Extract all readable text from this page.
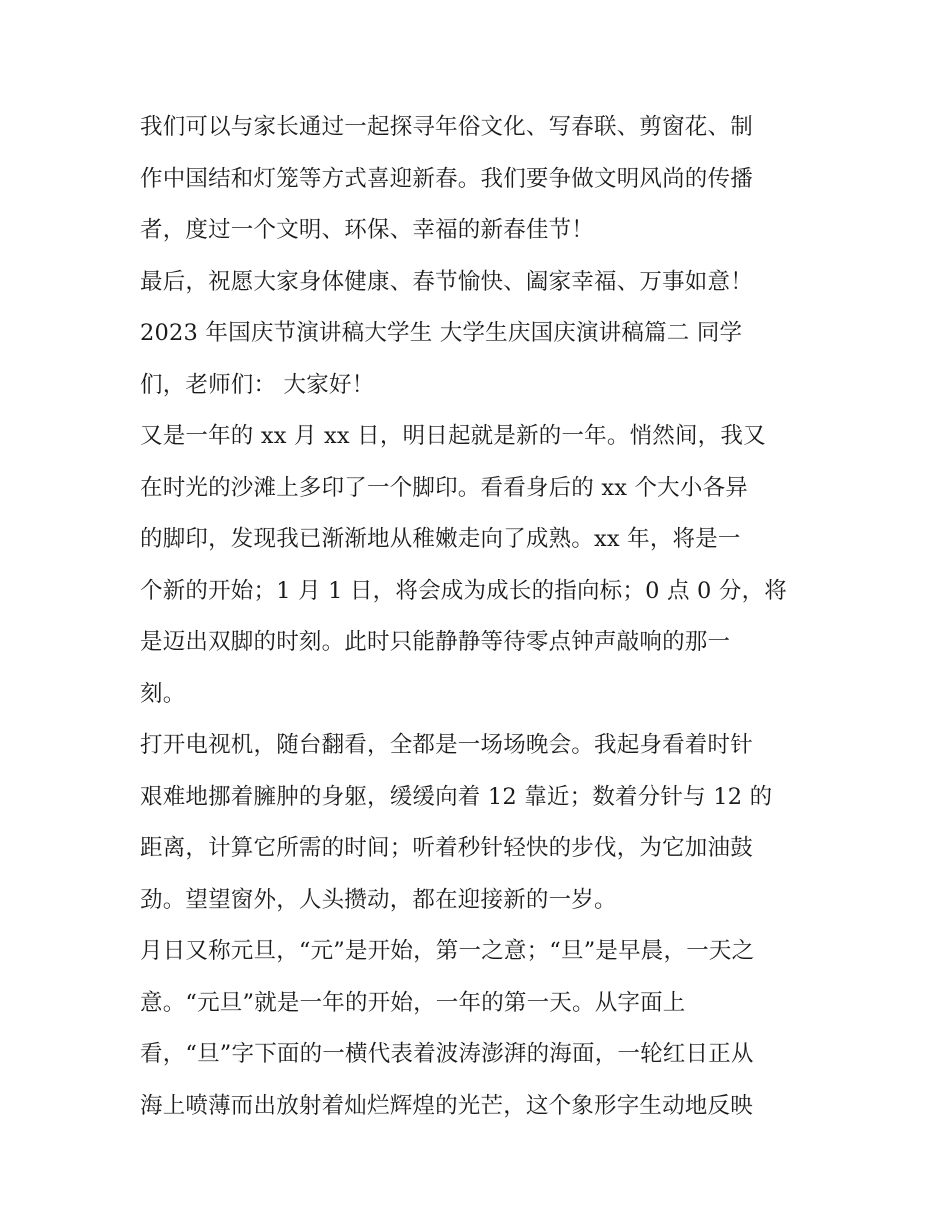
我们可以与家长通过一起探寻年俗文化、写春联、剪窗花、制
作中国结和灯笼等方式喜迎新春。我们要争做文明风尚的传播
者，度过一个文明、环保、幸福的新春佳节！
最后，祝愿大家身体健康、春节愉快、阖家幸福、万事如意！
2023 年国庆节演讲稿大学生 大学生庆国庆演讲稿篇二 同学
们，老师们： 大家好！
又是一年的 xx 月 xx 日，明日起就是新的一年。悄然间，我又
在时光的沙滩上多印了一个脚印。看看身后的 xx 个大小各异
的脚印，发现我已渐渐地从稚嫩走向了成熟。xx 年，将是一
个新的开始；1 月 1 日，将会成为成长的指向标；0 点 0 分，将
是迈出双脚的时刻。此时只能静静等待零点钟声敲响的那一
刻。
打开电视机，随台翻看，全都是一场场晚会。我起身看着时针
艰难地挪着臃肿的身躯，缓缓向着 12 靠近；数着分针与 12 的
距离，计算它所需的时间；听着秒针轻快的步伐，为它加油鼓
劲。望望窗外，人头攒动，都在迎接新的一岁。
月日又称元旦，“元”是开始，第一之意；“旦”是早晨，一天之
意。“元旦”就是一年的开始，一年的第一天。从字面上
看，“旦”字下面的一横代表着波涛澎湃的海面，一轮红日正从
海上喷薄而出放射着灿烂辉煌的光芒，这个象形字生动地反映
